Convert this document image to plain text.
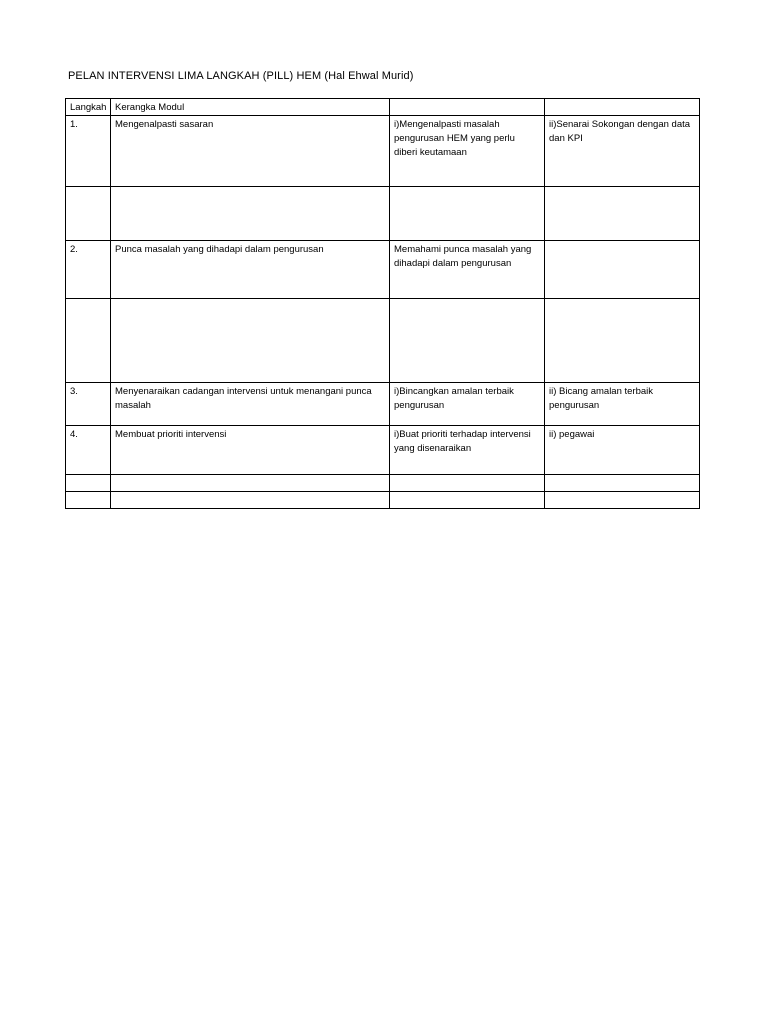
PELAN INTERVENSI LIMA LANGKAH (PILL) HEM (Hal Ehwal Murid)
Langkah	Kerangka Modul		
1.	Mengenalpasti sasaran	i)Mengenalpasti masalah pengurusan HEM yang perlu diberi keutamaan	ii)Senarai Sokongan dengan data dan KPI

2.	Punca masalah yang dihadapi dalam pengurusan	Memahami punca masalah yang dihadapi dalam pengurusan	

3.	Menyenaraikan cadangan intervensi untuk menangani punca masalah	i)Bincangkan amalan terbaik pengurusan	ii) Bicang amalan terbaik pengurusan
4.	Membuat prioriti intervensi	i)Buat prioriti terhadap intervensi yang disenaraikan	ii) pegawai
